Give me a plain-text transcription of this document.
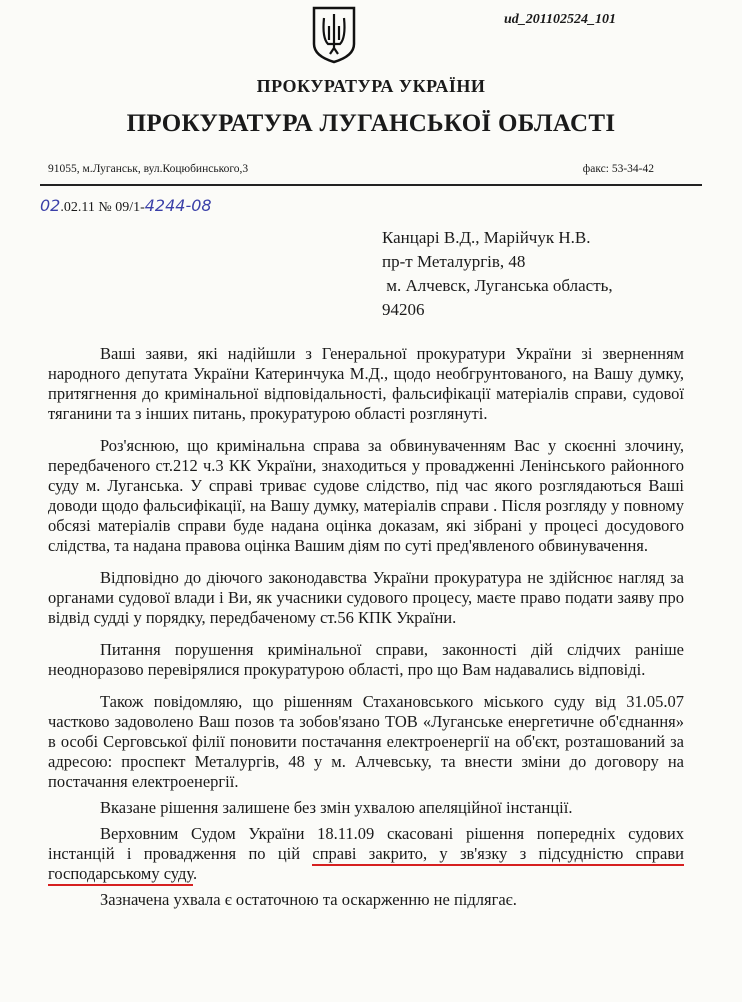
ud_201102524_101
ПРОКУРАТУРА УКРАЇНИ
ПРОКУРАТУРА ЛУГАНСЬКОЇ ОБЛАСТІ
91055, м.Луганськ, вул.Коцюбинського,3	факс: 53-34-42
02.02.11 № 09/1-4244-08
Канцарі В.Д., Марійчук Н.В.
пр-т Металургів, 48
м. Алчевск, Луганська область,
94206

Ваші заяви, які надійшли з Генеральної прокуратури України зі зверненням народного депутата України Катеринчука М.Д., щодо необгрунтованого, на Вашу думку, притягнення до кримінальної відповідальності, фальсифікації матеріалів справи, судової тяганини та з інших питань, прокуратурою області розглянуті.

Роз'яснюю, що кримінальна справа за обвинуваченням Вас у скоєнні злочину, передбаченого ст.212 ч.3 КК України, знаходиться у провадженні Ленінського районного суду м. Луганська. У справі триває судове слідство, під час якого розглядаються Ваші доводи щодо фальсифікації, на Вашу думку, матеріалів справи . Після розгляду у повному обсязі матеріалів справи буде надана оцінка доказам, які зібрані у процесі досудового слідства, та надана правова оцінка Вашим діям по суті пред'явленого обвинувачення.

Відповідно до діючого законодавства України прокуратура не здійснює нагляд за органами судової влади і Ви, як учасники судового процесу, маєте право подати заяву про відвід судді у порядку, передбаченому ст.56 КПК України.

Питання порушення кримінальної справи, законності дій слідчих раніше неодноразово перевірялися прокуратурою області, про що Вам надавались відповіді.

Також повідомляю, що рішенням Стахановського міського суду від 31.05.07 частково задоволено Ваш позов та зобов'язано ТОВ «Луганське енергетичне об'єднання» в особі Серговської філії поновити постачання електроенергії на об'єкт, розташований за адресою: проспект Металургів, 48 у м. Алчевську, та внести зміни до договору на постачання електроенергії.

Вказане рішення залишене без змін ухвалою апеляційної інстанції.

Верховним Судом України 18.11.09 скасовані рішення попередніх судових інстанцій і провадження по цій справі закрито, у зв'язку з підсудністю справи господарському суду.

Зазначена ухвала є остаточною та оскарженню не підлягає.
